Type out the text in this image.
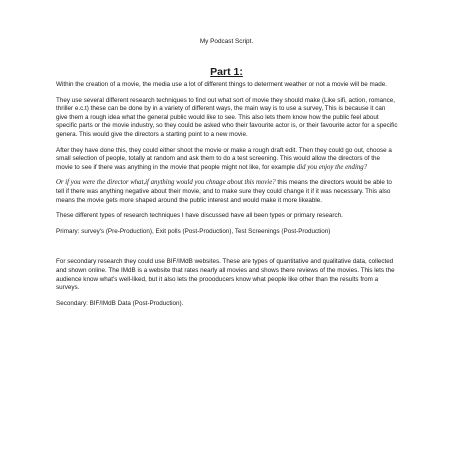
My Podcast Script.
Part 1:

Within the creation of a movie, the media use a lot of different things to determent weather or not a movie will be made.

They use several different research techniques to find out what sort of movie they should make (Like sifi, action, romance, thriller e.c.t) these can be done by in a variety of different ways, the main way is to use a survey, This is because it can give them a rough idea what the general public would like to see. This also lets them know how the public feel about specific parts or the movie industry, so they could be asked who their favourite actor is, or their favourite actor for a specific genera. This would give the directors a starting point to a new movie.

After they have done this, they could either shoot the movie or make a rough draft edit. Then they could go out, choose a small selection of people, totally at random and ask them to do a test screening. This would allow the directors of the movie to see if there was anything in the movie that people might not like, for example did you enjoy the ending?

Or if you were the director what,if anything would you chnage about this movie? this means the directors would be able to tell if there was anything negative about their movie, and to make sure they could change it if it was necessary. This also means the movie gets more shaped around the public interest and would make it more likeable.

These different types of research techniques I have discussed have all been types or primary research.

Primary: survey's (Pre-Production), Exit polls (Post-Production), Test Screenings (Post-Production)

For secondary research they could use BIF/IMdB websites. These are types of quantitative and qualitative data, collected and shown online. The IMdB is a website that rates nearly all movies and shows there reviews of the movies. This lets the audience know what's well-liked, but it also lets the proooducers know what people like other than the results from a surveys.

Secondary: BIF/IMdB Data (Post-Production).
